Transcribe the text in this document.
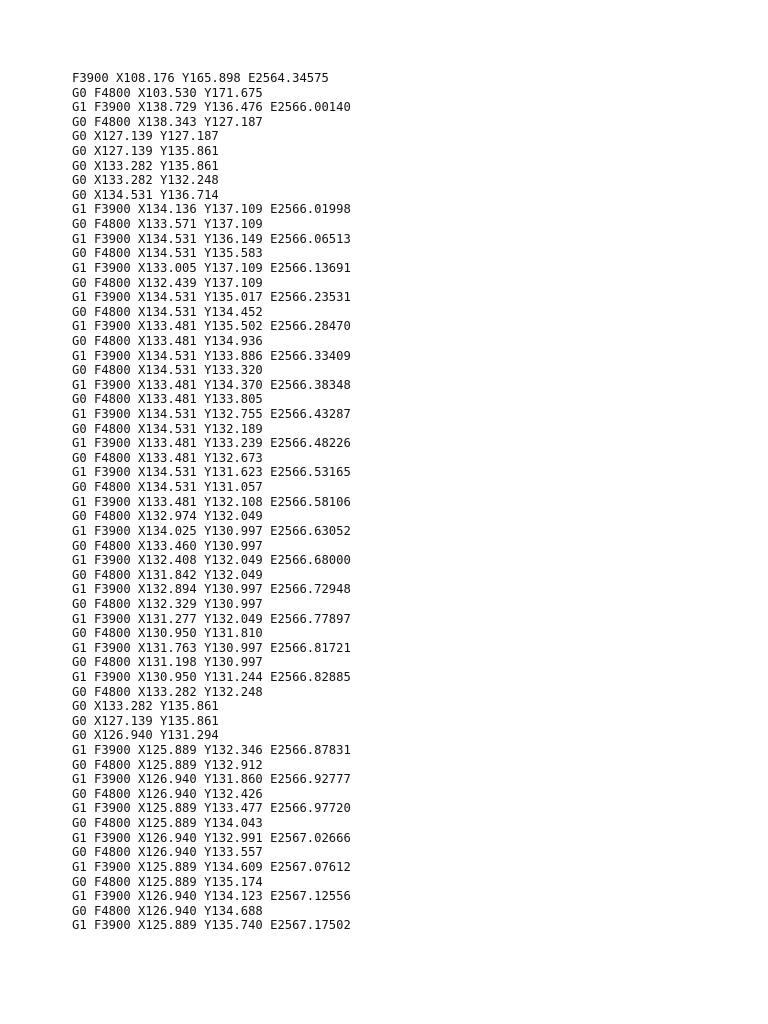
F3900 X108.176 Y165.898 E2564.34575
G0 F4800 X103.530 Y171.675
G1 F3900 X138.729 Y136.476 E2566.00140
G0 F4800 X138.343 Y127.187
G0 X127.139 Y127.187
G0 X127.139 Y135.861
G0 X133.282 Y135.861
G0 X133.282 Y132.248
G0 X134.531 Y136.714
G1 F3900 X134.136 Y137.109 E2566.01998
G0 F4800 X133.571 Y137.109
G1 F3900 X134.531 Y136.149 E2566.06513
G0 F4800 X134.531 Y135.583
G1 F3900 X133.005 Y137.109 E2566.13691
G0 F4800 X132.439 Y137.109
G1 F3900 X134.531 Y135.017 E2566.23531
G0 F4800 X134.531 Y134.452
G1 F3900 X133.481 Y135.502 E2566.28470
G0 F4800 X133.481 Y134.936
G1 F3900 X134.531 Y133.886 E2566.33409
G0 F4800 X134.531 Y133.320
G1 F3900 X133.481 Y134.370 E2566.38348
G0 F4800 X133.481 Y133.805
G1 F3900 X134.531 Y132.755 E2566.43287
G0 F4800 X134.531 Y132.189
G1 F3900 X133.481 Y133.239 E2566.48226
G0 F4800 X133.481 Y132.673
G1 F3900 X134.531 Y131.623 E2566.53165
G0 F4800 X134.531 Y131.057
G1 F3900 X133.481 Y132.108 E2566.58106
G0 F4800 X132.974 Y132.049
G1 F3900 X134.025 Y130.997 E2566.63052
G0 F4800 X133.460 Y130.997
G1 F3900 X132.408 Y132.049 E2566.68000
G0 F4800 X131.842 Y132.049
G1 F3900 X132.894 Y130.997 E2566.72948
G0 F4800 X132.329 Y130.997
G1 F3900 X131.277 Y132.049 E2566.77897
G0 F4800 X130.950 Y131.810
G1 F3900 X131.763 Y130.997 E2566.81721
G0 F4800 X131.198 Y130.997
G1 F3900 X130.950 Y131.244 E2566.82885
G0 F4800 X133.282 Y132.248
G0 X133.282 Y135.861
G0 X127.139 Y135.861
G0 X126.940 Y131.294
G1 F3900 X125.889 Y132.346 E2566.87831
G0 F4800 X125.889 Y132.912
G1 F3900 X126.940 Y131.860 E2566.92777
G0 F4800 X126.940 Y132.426
G1 F3900 X125.889 Y133.477 E2566.97720
G0 F4800 X125.889 Y134.043
G1 F3900 X126.940 Y132.991 E2567.02666
G0 F4800 X126.940 Y133.557
G1 F3900 X125.889 Y134.609 E2567.07612
G0 F4800 X125.889 Y135.174
G1 F3900 X126.940 Y134.123 E2567.12556
G0 F4800 X126.940 Y134.688
G1 F3900 X125.889 Y135.740 E2567.17502
